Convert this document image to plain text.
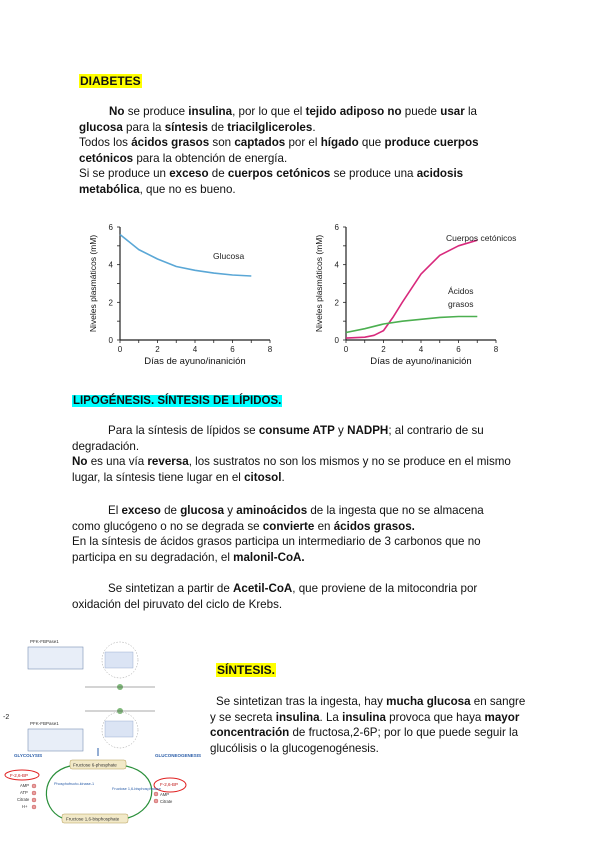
DIABETES
No se produce insulina, por lo que el tejido adiposo no puede usar la
glucosa para la síntesis de triacilgliceroles.
Todos los ácidos grasos son captados por el hígado que produce cuerpos cetónicos para la obtención de energía.
Si se produce un exceso de cuerpos cetónicos se produce una acidosis metabólica, que no es bueno.
0
2
4
6
0	2	4	6	8
Días de ayuno/inanición
Niveles plasmáticos (mM)	Glucosa
0
2
4
6
0	2	4	6	8
Días de ayuno/inanición
Niveles plasmáticos (mM)	Cuerpos cetónicos
Ácidos
grasos
LIPOGÉNESIS. SÍNTESIS DE LÍPIDOS.
Para la síntesis de lípidos se consume ATP y NADPH; al contrario de su degradación.
No es una vía reversa, los sustratos no son los mismos y no se produce en el mismo lugar, la síntesis tiene lugar en el citosol.
El exceso de glucosa y aminoácidos de la ingesta que no se almacena como glucógeno o no se degrada se convierte en ácidos grasos.
En la síntesis de ácidos grasos participa un intermediario de 3 carbonos que no participa en su degradación, el malonil-CoA.
Se sintetizan a partir de Acetil-CoA, que proviene de la mitocondria por oxidación del piruvato del ciclo de Krebs.
SÍNTESIS.
Se sintetizan tras la ingesta, hay mucha glucosa en sangre y se secreta insulina. La insulina provoca que haya mayor concentración de fructosa,2-6P; por lo que puede seguir la glucólisis o la glucogenogénesis.
PFK-FBPase1
PFK-FBPase1
-2
GLYCOLYSIS	GLUCONEOGENESIS
Fructose 6-phosphate
Fructose 1,6-bisphosphate
F-2,6-BP
F-2,6-BP
AMP
ATP
Citrate
H+
AMP
Citrate
Phosphofructo-kinase-1
Fructose 1,6-bisphosphatase
